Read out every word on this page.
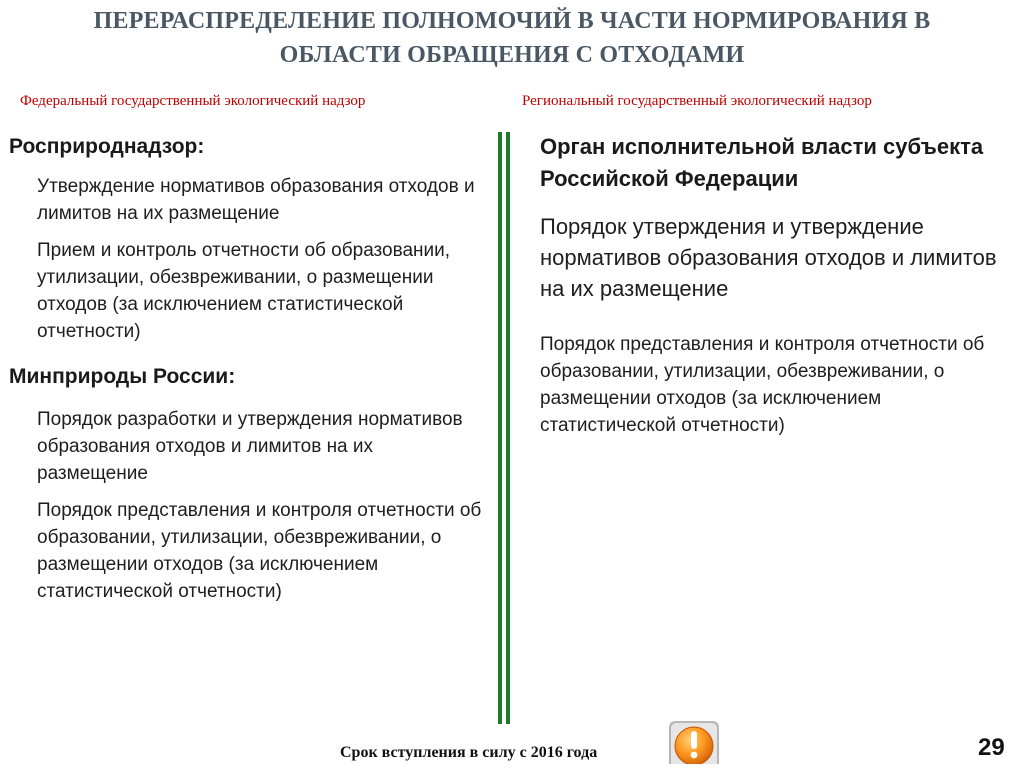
ПЕРЕРАСПРЕДЕЛЕНИЕ ПОЛНОМОЧИЙ В ЧАСТИ НОРМИРОВАНИЯ В
ОБЛАСТИ ОБРАЩЕНИЯ С ОТХОДАМИ
Федеральный государственный экологический надзор	Региональный государственный экологический надзор
Росприроднадзор:
Утверждение нормативов образования отходов и лимитов на их размещение
Прием и контроль отчетности об образовании, утилизации, обезвреживании, о размещении отходов (за исключением статистической отчетности)
Минприроды России:
Порядок разработки и утверждения нормативов образования отходов и лимитов на их размещение
Порядок представления и контроля отчетности об образовании, утилизации, обезвреживании, о размещении отходов (за исключением статистической отчетности)
Орган исполнительной власти субъекта Российской Федерации
Порядок утверждения и утверждение нормативов образования отходов и лимитов на их размещение
Порядок представления и контроля отчетности об образовании, утилизации, обезвреживании, о размещении отходов (за исключением статистической отчетности)
Срок вступления в силу с 2016 года	29
